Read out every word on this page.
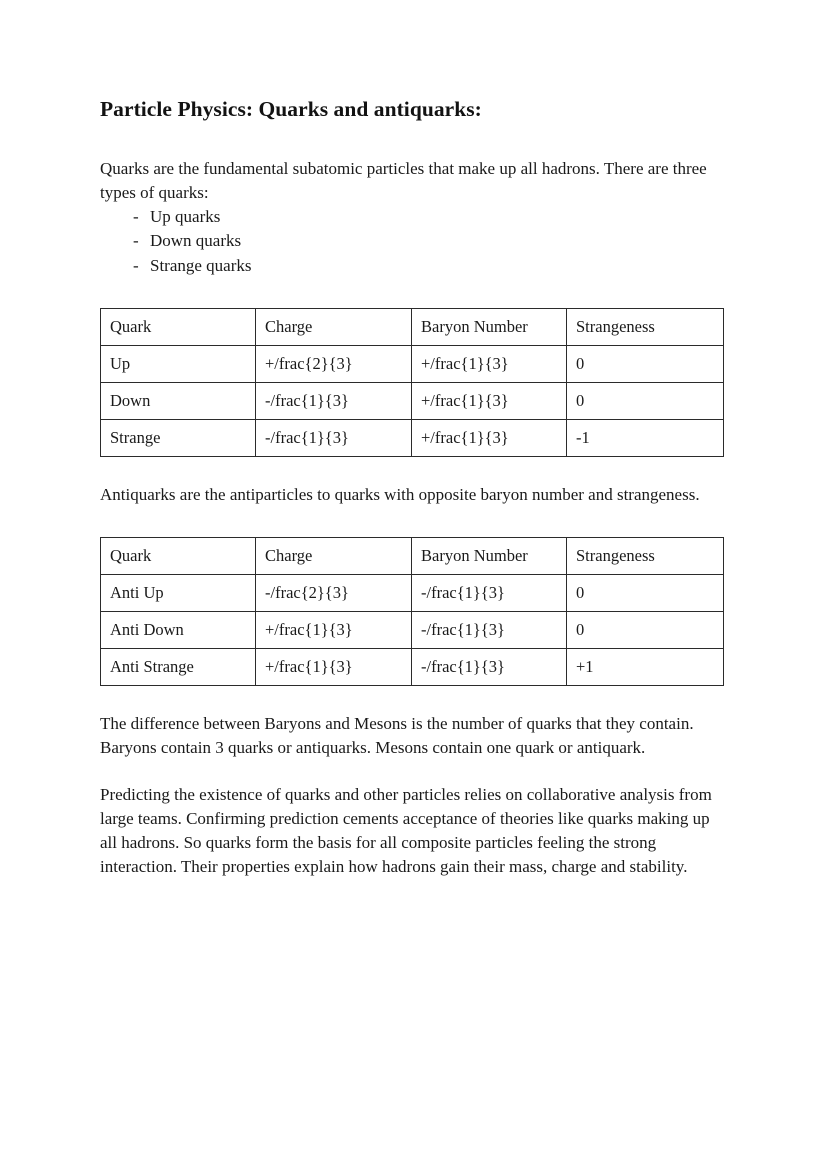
Particle Physics: Quarks and antiquarks:

Quarks are the fundamental subatomic particles that make up all hadrons. There are three types of quarks:

- Up quarks
- Down quarks
- Strange quarks
Quark	Charge	Baryon Number	Strangeness
Up	+/frac{2}{3}	+/frac{1}{3}	0
Down	-/frac{1}{3}	+/frac{1}{3}	0
Strange	-/frac{1}{3}	+/frac{1}{3}	-1

Antiquarks are the antiparticles to quarks with opposite baryon number and strangeness.

Quark	Charge	Baryon Number	Strangeness
Anti Up	-/frac{2}{3}	-/frac{1}{3}	0
Anti Down	+/frac{1}{3}	-/frac{1}{3}	0
Anti Strange	+/frac{1}{3}	-/frac{1}{3}	+1

The difference between Baryons and Mesons is the number of quarks that they contain. Baryons contain 3 quarks or antiquarks. Mesons contain one quark or antiquark.

Predicting the existence of quarks and other particles relies on collaborative analysis from large teams. Confirming prediction cements acceptance of theories like quarks making up all hadrons. So quarks form the basis for all composite particles feeling the strong interaction. Their properties explain how hadrons gain their mass, charge and stability.
